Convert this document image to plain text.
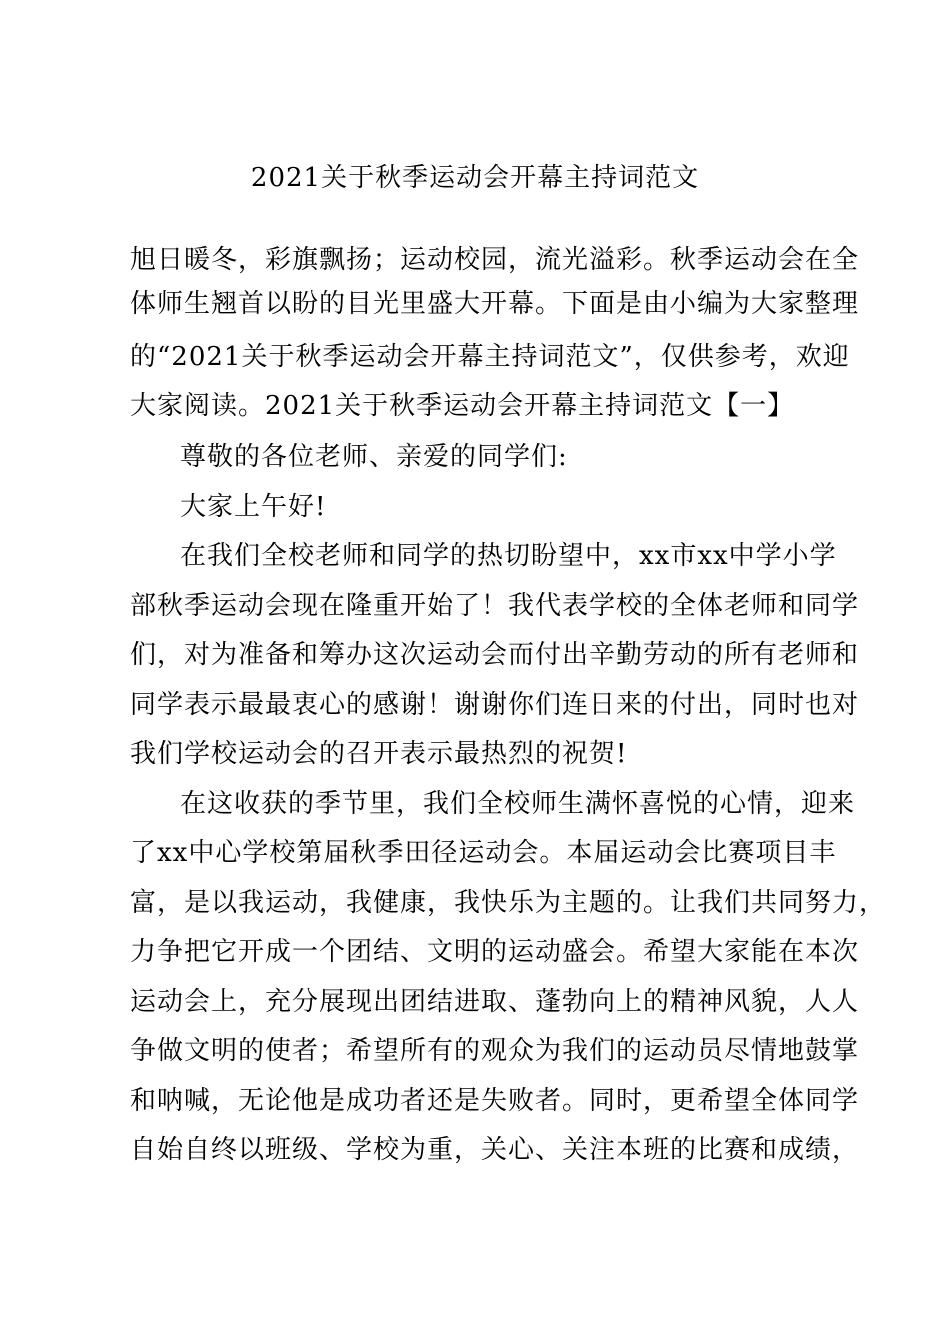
2021关于秋季运动会开幕主持词范文
旭日暖冬，彩旗飘扬；运动校园，流光溢彩。秋季运动会在全
体师生翘首以盼的目光里盛大开幕。下面是由小编为大家整理
的“2021关于秋季运动会开幕主持词范文”，仅供参考，欢迎
大家阅读。2021关于秋季运动会开幕主持词范文【一】
尊敬的各位老师、亲爱的同学们:
大家上午好!
在我们全校老师和同学的热切盼望中，xx市xx中学小学
部秋季运动会现在隆重开始了！我代表学校的全体老师和同学
们，对为准备和筹办这次运动会而付出辛勤劳动的所有老师和
同学表示最最衷心的感谢！谢谢你们连日来的付出，同时也对
我们学校运动会的召开表示最热烈的祝贺!
在这收获的季节里，我们全校师生满怀喜悦的心情，迎来
了xx中心学校第届秋季田径运动会。本届运动会比赛项目丰
富，是以我运动，我健康，我快乐为主题的。让我们共同努力，
力争把它开成一个团结、文明的运动盛会。希望大家能在本次
运动会上，充分展现出团结进取、蓬勃向上的精神风貌，人人
争做文明的使者；希望所有的观众为我们的运动员尽情地鼓掌
和呐喊，无论他是成功者还是失败者。同时，更希望全体同学
自始自终以班级、学校为重，关心、关注本班的比赛和成绩，
